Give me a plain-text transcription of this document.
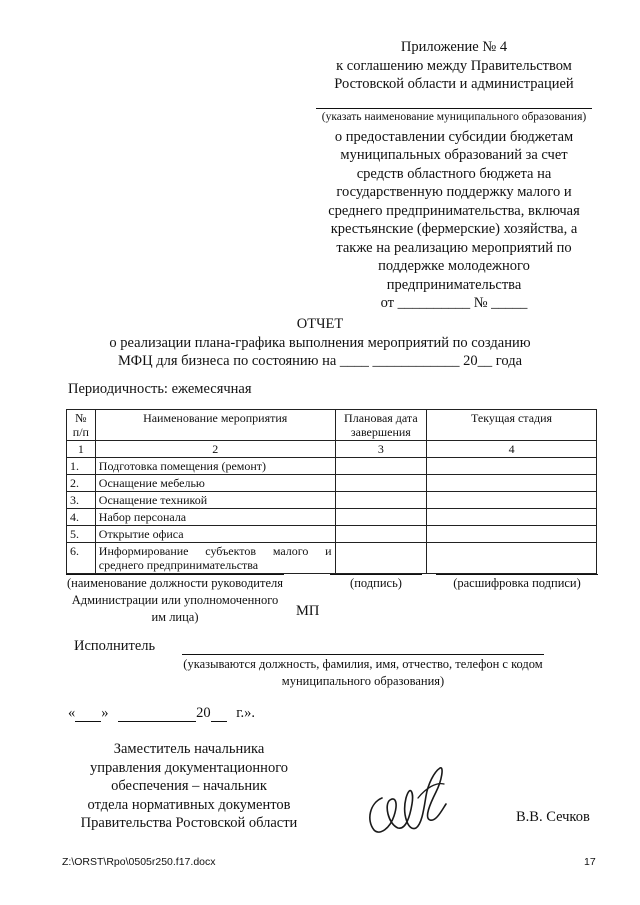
Приложение № 4
к соглашению между Правительством
Ростовской области и администрацией
(указать наименование муниципального образования)
о предоставлении субсидии бюджетам
муниципальных образований за счет
средств областного бюджета на
государственную поддержку малого и
среднего предпринимательства, включая
крестьянские (фермерские) хозяйства, а
также на реализацию мероприятий по
поддержке молодежного
предпринимательства
от __________ № _____
ОТЧЕТ
о реализации плана-графика выполнения мероприятий по созданию
МФЦ для бизнеса по состоянию на ____ ____________ 20__ года
Периодичность: ежемесячная
№ п/п	Наименование мероприятия	Плановая дата завершения	Текущая стадия
1	2	3	4
1.	Подготовка помещения (ремонт)		
2.	Оснащение мебелью		
3.	Оснащение техникой		
4.	Набор персонала		
5.	Открытие офиса		
6.	Информирование субъектов малого и среднего предпринимательства		
(наименование должности руководителя Администрации или уполномоченного им лица)
(подпись)	(расшифровка подписи)
МП
Исполнитель
(указываются должность, фамилия, имя, отчество, телефон с кодом муниципального образования)
« »	20 г.».
Заместитель начальника
управления документационного
обеспечения – начальник
отдела нормативных документов
Правительства Ростовской области	В.В. Сечков
Z:\ORST\Rpo\0505r250.f17.docx	17
